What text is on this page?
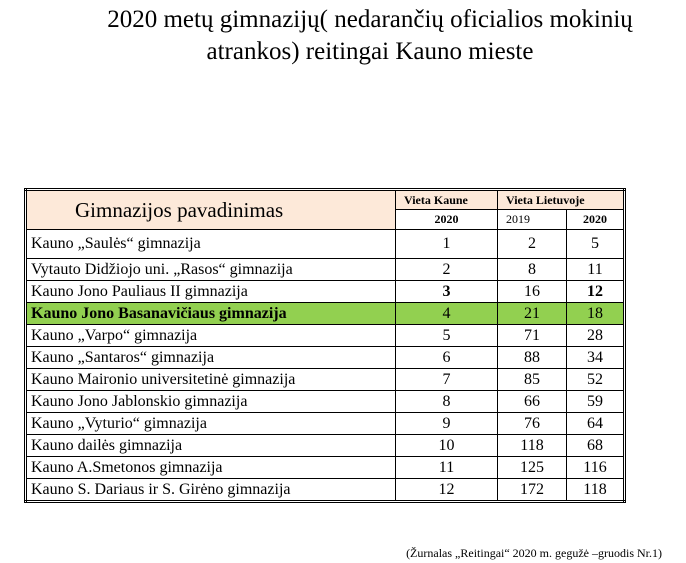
2020 metų gimnazijų( nedarančių oficialios mokinių
atrankos) reitingai Kauno mieste
Gimnazijos pavadinimas	Vieta Kaune	Vieta Lietuvoje	
	2020	2019	2020
Kauno „Saulės“ gimnazija	1	2	5
Vytauto Didžiojo uni. „Rasos“ gimnazija	2	8	11
Kauno Jono Pauliaus II gimnazija	3	16	12
Kauno Jono Basanavičiaus gimnazija	4	21	18
Kauno „Varpo“ gimnazija	5	71	28
Kauno „Santaros“ gimnazija	6	88	34
Kauno Maironio universitetinė gimnazija	7	85	52
Kauno Jono Jablonskio gimnazija	8	66	59
Kauno „Vyturio“ gimnazija	9	76	64
Kauno dailės gimnazija	10	118	68
Kauno A.Smetonos gimnazija	11	125	116
Kauno S. Dariaus ir S. Girėno gimnazija	12	172	118
(Žurnalas „Reitingai“ 2020 m. gegužė –gruodis Nr.1)
